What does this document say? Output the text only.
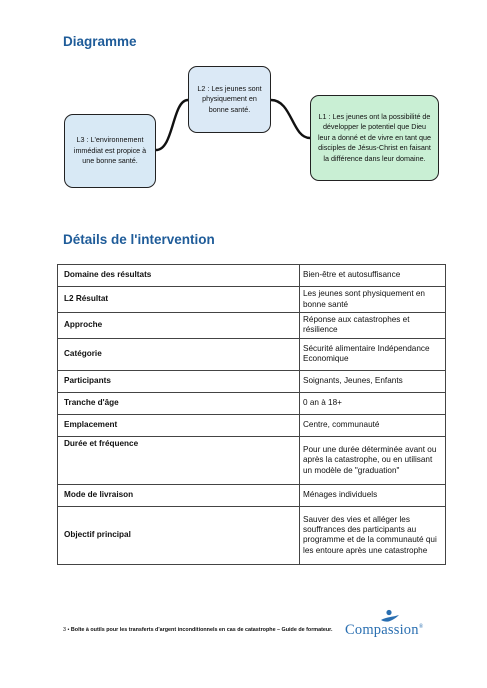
Diagramme
L3 : L'environnement immédiat est propice à une bonne santé.
L2 : Les jeunes sont physiquement en bonne santé.
L1 : Les jeunes ont la possibilité de développer le potentiel que Dieu leur a donné et de vivre en tant que disciples de Jésus-Christ en faisant la différence dans leur domaine.
Détails de l'intervention
Domaine des résultats	Bien-être et autosuffisance
L2 Résultat	Les jeunes sont physiquement en bonne santé
Approche	Réponse aux catastrophes et résilience
Catégorie	Sécurité alimentaire Indépendance Economique
Participants	Soignants, Jeunes, Enfants
Tranche d'âge	0 an à 18+
Emplacement	Centre, communauté
Durée et fréquence	Pour une durée déterminée avant ou après la catastrophe, ou en utilisant un modèle de "graduation"
Mode de livraison	Ménages individuels
Objectif principal	Sauver des vies et alléger les souffrances des participants au programme et de la communauté qui les entoure après une catastrophe
3 • Boîte à outils pour les transferts d'argent inconditionnels en cas de catastrophe – Guide de formateur. Compassion®
